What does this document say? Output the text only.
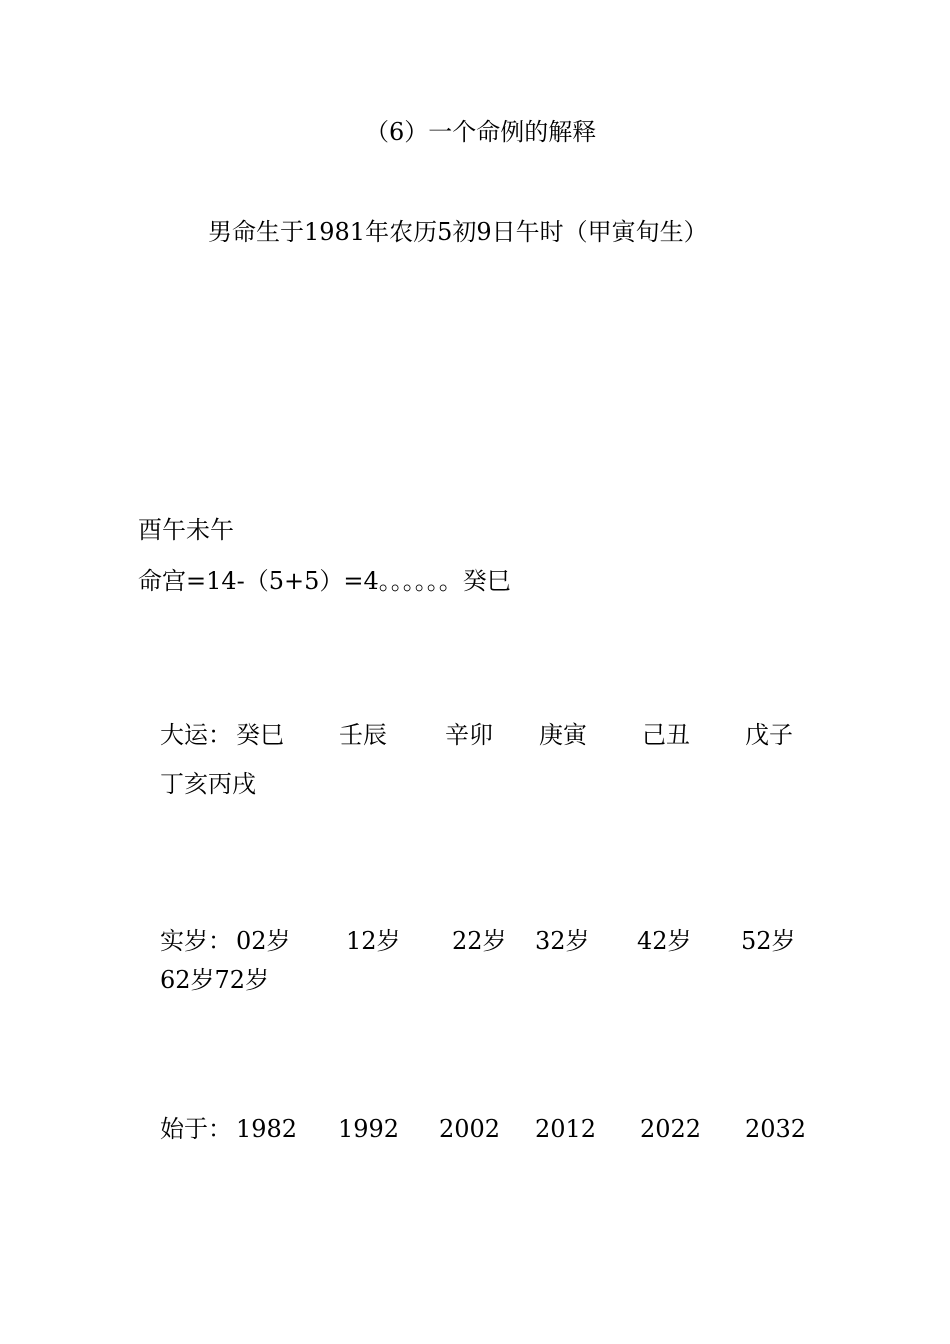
（6）一个命例的解释
男命生于1981年农历5初9日午时（甲寅旬生）
酉午未午
命宫=14-（5+5）=4。。。。。。癸巳
大运： 癸巳 壬辰 辛卯 庚寅 己丑 戊子
丁亥丙戌
实岁： 02岁 12岁 22岁 32岁 42岁 52岁
62岁72岁
始于： 1982 1992 2002 2012 2022 2032
